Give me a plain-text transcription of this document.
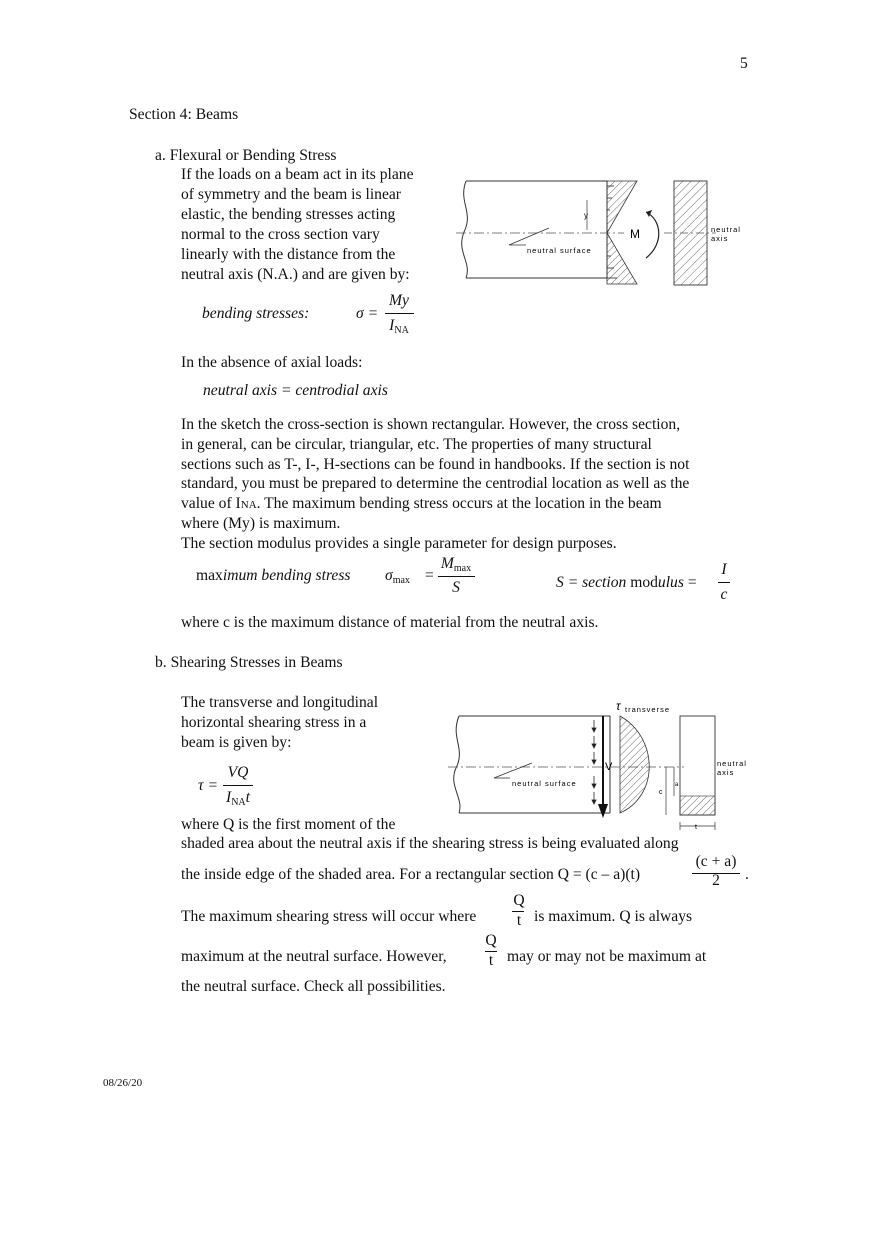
5
08/26/20
Section 4: Beams
a. Flexural or Bending Stress
If the loads on a beam act in its plane
of symmetry and the beam is linear
elastic, the bending stresses acting
normal to the cross section vary
linearly with the distance from the
neutral axis (N.A.) and are given by:
bending stresses:	σ =
My
$I_{NA}$
In the absence of axial loads:
neutral axis = centrodial axis
In the sketch the cross-section is shown rectangular. However, the cross section,
in general, can be circular, triangular, etc. The properties of many structural
sections such as T-, I-, H-sections can be found in handbooks. If the section is not
standard, you must be prepared to determine the centrodial location as well as the
value of INA. The maximum bending stress occurs at the location in the beam
where (My) is maximum.
The section modulus provides a single parameter for design purposes.
maximum bending stress $\sigma_{max}$ =
$M_{max}$
S	S = section modulus =
I
c
where c is the maximum distance of material from the neutral axis.
y
M
neutral surface
neutral
axis
b. Shearing Stresses in Beams
The transverse and longitudinal
horizontal shearing stress in a
beam is given by:
τ =
VQ
$I_{NA}t$
where Q is the first moment of the
shaded area about the neutral axis if the shearing stress is being evaluated along
the inside edge of the shaded area. For a rectangular section Q = (c – a)(t)
(c + a)
2	.
The maximum shearing stress will occur where
Q
t is maximum. Q is always
maximum at the neutral surface. However,
Q
t may or may not be maximum at
the neutral surface. Check all possibilities.
neutral surface
V
τ transverse
neutral
axis
c
a
t
